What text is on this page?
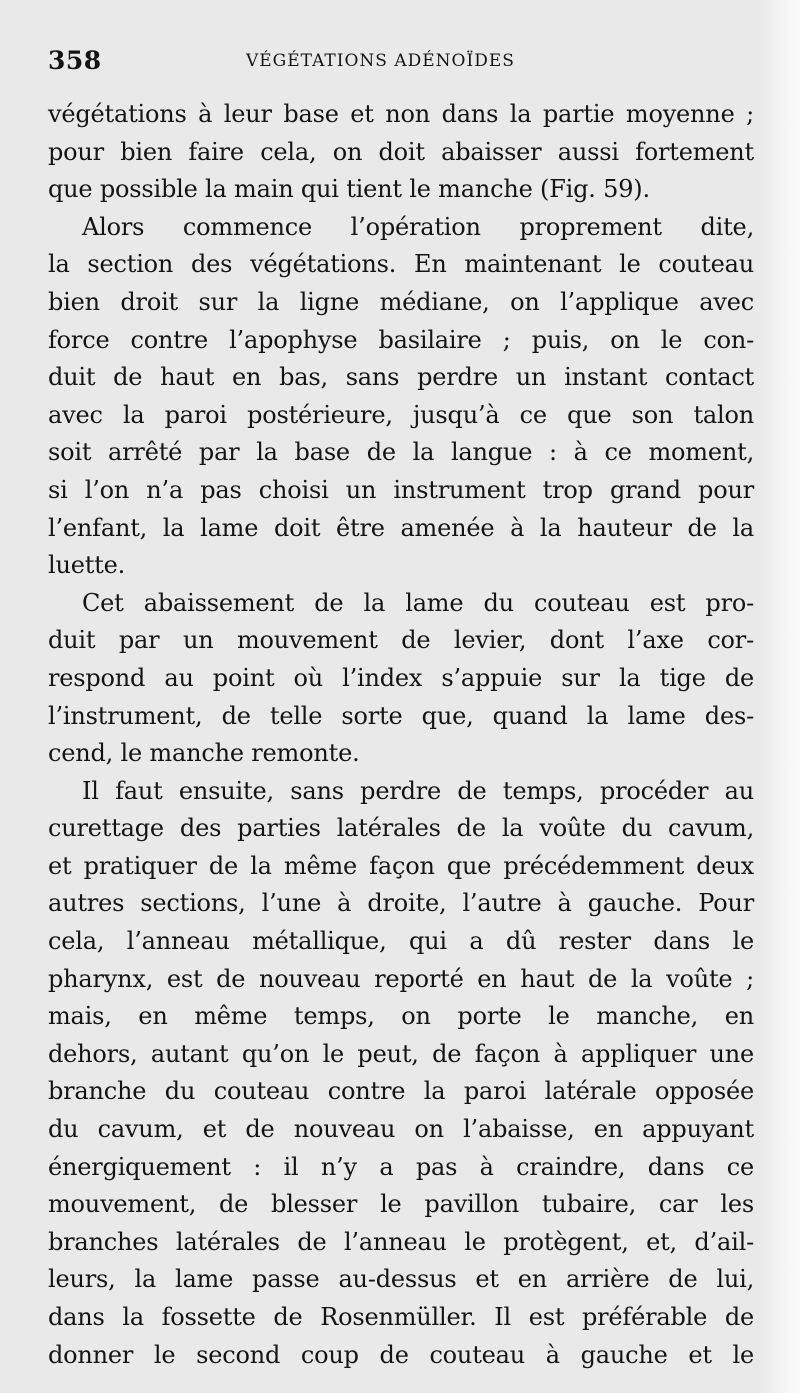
358	VÉGÉTATIONS ADÉNOÏDES
végétations à leur base et non dans la partie moyenne ;
pour bien faire cela, on doit abaisser aussi fortement
que possible la main qui tient le manche (Fig. 59).
Alors commence l’opération proprement dite,
la section des végétations. En maintenant le couteau
bien droit sur la ligne médiane, on l’applique avec
force contre l’apophyse basilaire ; puis, on le con-
duit de haut en bas, sans perdre un instant contact
avec la paroi postérieure, jusqu’à ce que son talon
soit arrêté par la base de la langue : à ce moment,
si l’on n’a pas choisi un instrument trop grand pour
l’enfant, la lame doit être amenée à la hauteur de la
luette.
Cet abaissement de la lame du couteau est pro-
duit par un mouvement de levier, dont l’axe cor-
respond au point où l’index s’appuie sur la tige de
l’instrument, de telle sorte que, quand la lame des-
cend, le manche remonte.
Il faut ensuite, sans perdre de temps, procéder au
curettage des parties latérales de la voûte du cavum,
et pratiquer de la même façon que précédemment deux
autres sections, l’une à droite, l’autre à gauche. Pour
cela, l’anneau métallique, qui a dû rester dans le
pharynx, est de nouveau reporté en haut de la voûte ;
mais, en même temps, on porte le manche, en
dehors, autant qu’on le peut, de façon à appliquer une
branche du couteau contre la paroi latérale opposée
du cavum, et de nouveau on l’abaisse, en appuyant
énergiquement : il n’y a pas à craindre, dans ce
mouvement, de blesser le pavillon tubaire, car les
branches latérales de l’anneau le protègent, et, d’ail-
leurs, la lame passe au-dessus et en arrière de lui,
dans la fossette de Rosenmüller. Il est préférable de
donner le second coup de couteau à gauche et le
